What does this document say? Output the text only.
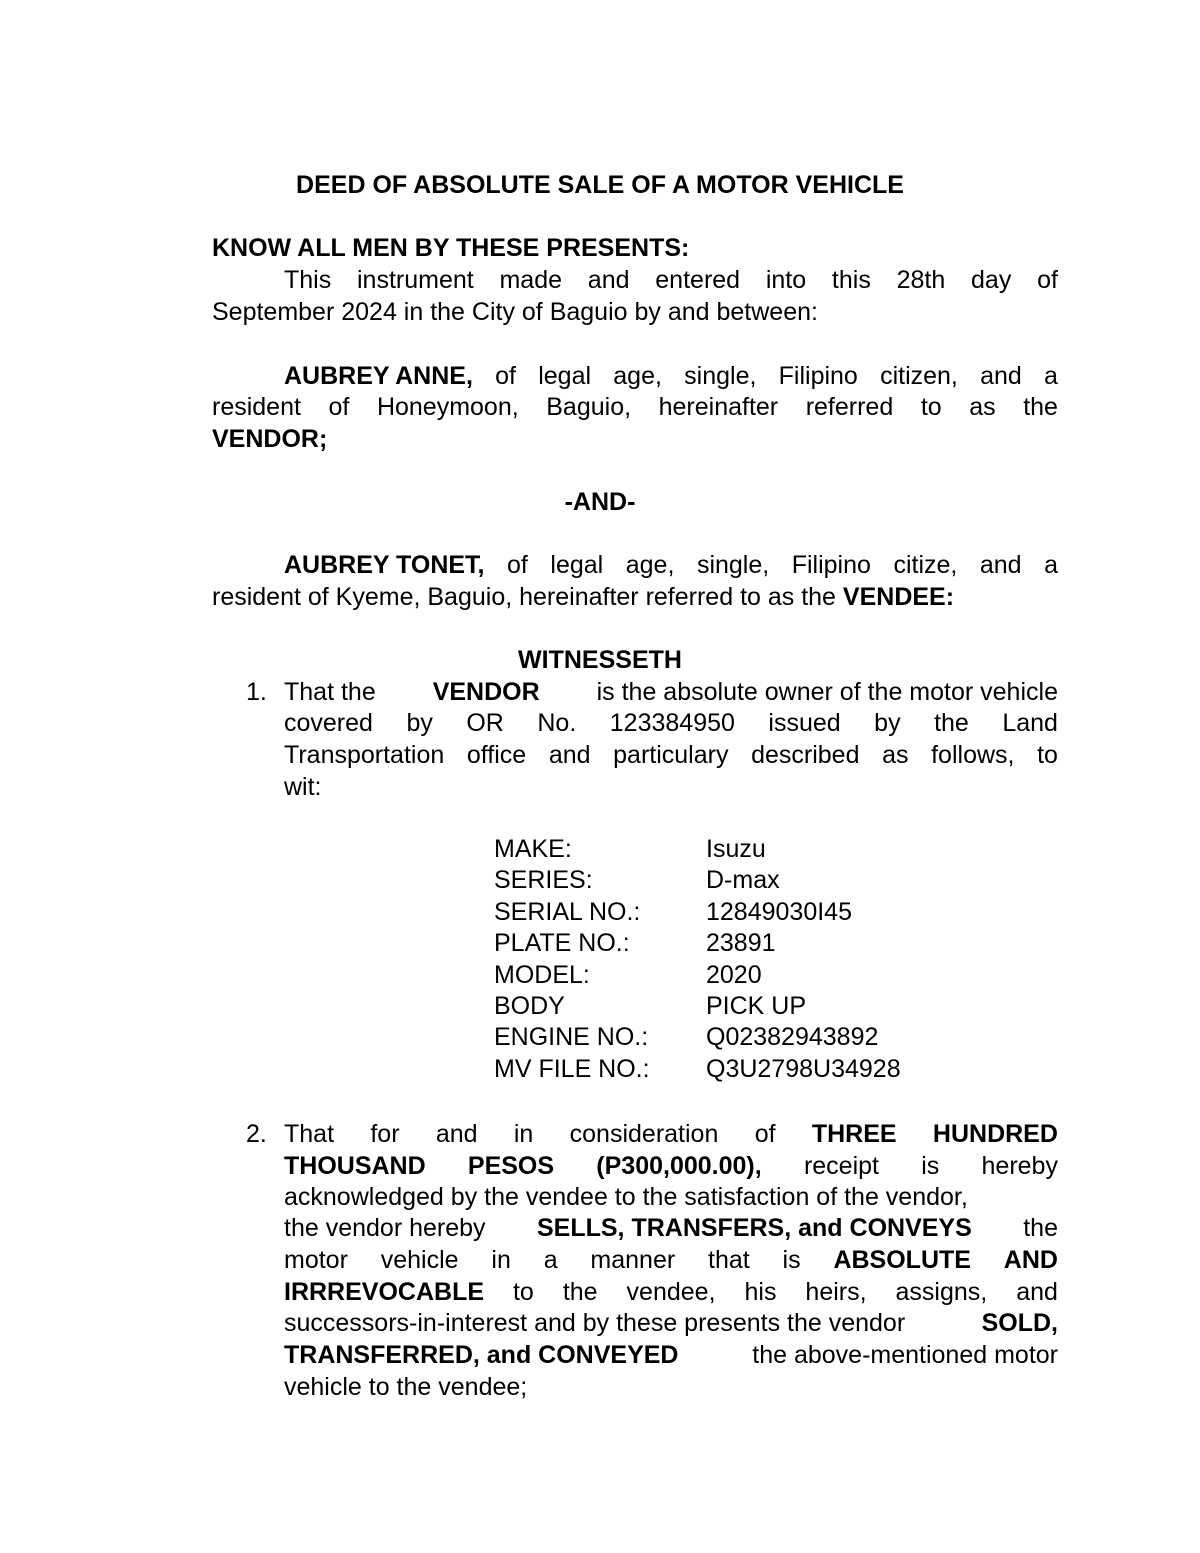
DEED OF ABSOLUTE SALE OF A MOTOR VEHICLE
KNOW ALL MEN BY THESE PRESENTS:
This instrument made and entered into this 28th day of
September 2024 in the City of Baguio by and between:
AUBREY ANNE, of legal age, single, Filipino citizen, and a
resident of Honeymoon, Baguio, hereinafter referred to as the
VENDOR;
-AND-
AUBREY TONET, of legal age, single, Filipino citize, and a
resident of Kyeme, Baguio, hereinafter referred to as the VENDEE:
WITNESSETH
1. That the VENDOR is the absolute owner of the motor vehicle
covered by OR No. 123384950 issued by the Land
Transportation office and particulary described as follows, to
wit:
MAKE:	Isuzu
SERIES:	D-max
SERIAL NO.:	12849030I45
PLATE NO.:	23891
MODEL:	2020
BODY	PICK UP
ENGINE NO.: Q02382943892
MV FILE NO.: Q3U2798U34928
2. That for and in consideration of THREE HUNDRED
THOUSAND PESOS (P300,000.00), receipt is hereby
acknowledged by the vendee to the satisfaction of the vendor,
the vendor hereby SELLS, TRANSFERS, and CONVEYS the
motor vehicle in a manner that is ABSOLUTE AND
IRRREVOCABLE to the vendee, his heirs, assigns, and
successors-in-interest and by these presents the vendor	SOLD,
TRANSFERRED, and CONVEYED	the above-mentioned motor
vehicle to the vendee;
